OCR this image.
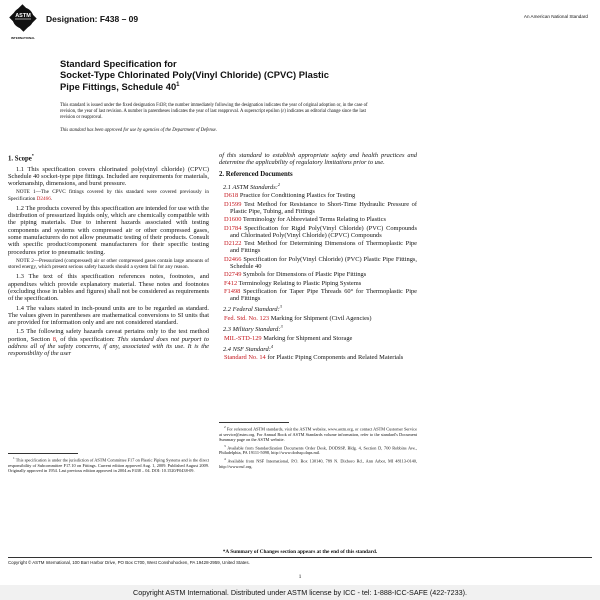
ASTM
INTERNATIONAL
Designation: F438 – 09	An American National Standard
Standard Specification for
Socket-Type Chlorinated Poly(Vinyl Chloride) (CPVC) Plastic
Pipe Fittings, Schedule $40^1$
This standard is issued under the fixed designation F438; the number immediately following the designation indicates the year of original adoption or, in the case of revision, the year of last revision. A number in parentheses indicates the year of last reapproval. A superscript epsilon (ε) indicates an editorial change since the last revision or reapproval.
This standard has been approved for use by agencies of the Department of Defense.
1. Scope*

1.1 This specification covers chlorinated poly(vinyl chloride) (CPVC) Schedule 40 socket-type pipe fittings. Included are requirements for materials, workmanship, dimensions, and burst pressure.

NOTE 1—The CPVC fittings covered by this standard were covered previously in Specification D2466.

1.2 The products covered by this specification are intended for use with the distribution of pressurized liquids only, which are chemically compatible with the piping materials. Due to inherent hazards associated with testing components and systems with compressed air or other compressed gases, some manufacturers do not allow pneumatic testing of their products. Consult with specific product/component manufacturers for their specific testing procedures prior to pneumatic testing.

NOTE 2—Pressurized (compressed) air or other compressed gases contain large amounts of stored energy, which present serious safety hazards should a system fail for any reason.

1.3 The text of this specification references notes, footnotes, and appendixes which provide explanatory material. These notes and footnotes (excluding those in tables and figures) shall not be considered as requirements of the specification.

1.4 The values stated in inch-pound units are to be regarded as standard. The values given in parentheses are mathematical conversions to SI units that are provided for information only and are not considered standard.

1.5 The following safety hazards caveat pertains only to the test method portion, Section 8, of this specification: This standard does not purport to address all of the safety concerns, if any, associated with its use. It is the responsibility of the user

of this standard to establish appropriate safety and health practices and determine the applicability of regulatory limitations prior to use.

2. Referenced Documents
2.1 ASTM Standards:$^2$
D618 Practice for Conditioning Plastics for Testing
D1599 Test Method for Resistance to Short-Time Hydraulic Pressure of Plastic Pipe, Tubing, and Fittings
D1600 Terminology for Abbreviated Terms Relating to Plastics
D1784 Specification for Rigid Poly(Vinyl Chloride) (PVC) Compounds and Chlorinated Poly(Vinyl Chloride) (CPVC) Compounds
D2122 Test Method for Determining Dimensions of Thermoplastic Pipe and Fittings
D2466 Specification for Poly(Vinyl Chloride) (PVC) Plastic Pipe Fittings, Schedule 40
D2749 Symbols for Dimensions of Plastic Pipe Fittings
F412 Terminology Relating to Plastic Piping Systems
F1498 Specification for Taper Pipe Threads 60° for Thermoplastic Pipe and Fittings
2.2 Federal Standard:$^3$
Fed. Std. No. 123 Marking for Shipment (Civil Agencies)
2.3 Military Standard:$^3$
MIL-STD-129 Marking for Shipment and Storage
2.4 NSF Standard:$^4$
Standard No. 14 for Plastic Piping Components and Related Materials

$^1$ This specification is under the jurisdiction of ASTM Committee F17 on Plastic Piping Systems and is the direct responsibility of Subcommittee F17.10 on Fittings. Current edition approved Aug. 1, 2009. Published August 2009. Originally approved in 1954. Last previous edition approved in 2004 as F438 – 04. DOI: 10.1520/F0438-09.

$^2$ For referenced ASTM standards, visit the ASTM website, www.astm.org, or contact ASTM Customer Service at service@astm.org. For Annual Book of ASTM Standards volume information, refer to the standard's Document Summary page on the ASTM website.

$^3$ Available from Standardization Documents Order Desk, DODSSP, Bldg. 4, Section D, 700 Robbins Ave., Philadelphia, PA 19111-5098, http://www.dodssp.daps.mil.

$^4$ Available from NSF International, P.O. Box 130140, 789 N. Dixboro Rd., Ann Arbor, MI 48113-0140, http://www.nsf.org.

*A Summary of Changes section appears at the end of this standard.
Copyright © ASTM International, 100 Barr Harbor Drive, PO Box C700, West Conshohocken, PA 19428-2959, United States.
1
Copyright ASTM International. Distributed under ASTM license by ICC - tel: 1-888-ICC-SAFE (422-7233).
